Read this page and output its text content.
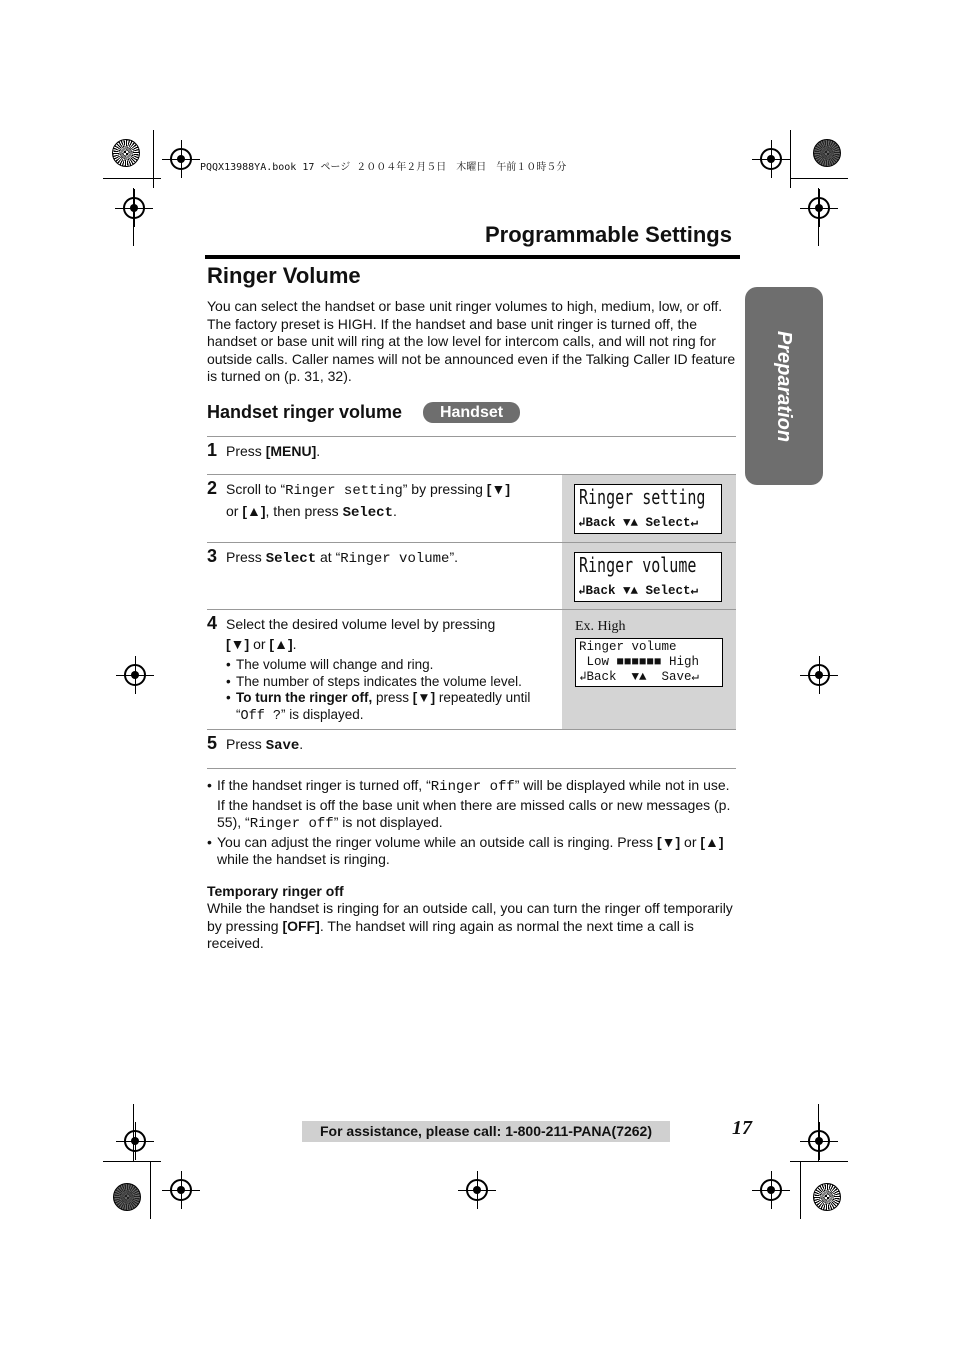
PQQX13988YA.book 17 ページ ２００４年２月５日　木曜日　午前１０時５分
Programmable Settings
Ringer Volume
You can select the handset or base unit ringer volumes to high, medium, low, or off. The factory preset is HIGH. If the handset and base unit ringer is turned off, the handset or base unit will ring at the low level for intercom calls, and will not ring for outside calls. Caller names will not be announced even if the Talking Caller ID feature is turned on (p. 31, 32).	Preparation
Handset ringer volume	Handset
1 Press [MENU].
2 Scroll to “Ringer setting” by pressing [▼]
or [▲], then press Select.
3 Press Select at “Ringer volume”.
4 Select the desired volume level by pressing
[▼] or [▲].
• The volume will change and ring.
• The number of steps indicates the volume level.
• To turn the ringer off, press [▼] repeatedly until
“Off ?” is displayed.
5 Press Save.
Ringer setting
↲Back ▼▲ Select↵
Ringer volume
↲Back ▼▲ Select↵
Ex. High
Ringer volume
Low ■■■■■■ High
↲Back  ▼▲  Save↵
• If the handset ringer is turned off, “Ringer off” will be displayed while not in use. If the handset is off the base unit when there are missed calls or new messages (p. 55), “Ringer off” is not displayed.
• You can adjust the ringer volume while an outside call is ringing. Press [▼] or [▲] while the handset is ringing.
Temporary ringer off
While the handset is ringing for an outside call, you can turn the ringer off temporarily by pressing [OFF]. The handset will ring again as normal the next time a call is received.
For assistance, please call: 1-800-211-PANA(7262)	17
